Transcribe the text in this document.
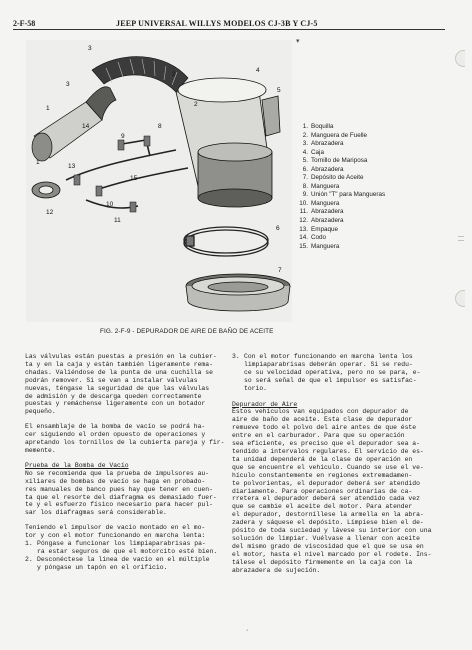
2-F-58	JEEP UNIVERSAL WILLYS MODELOS CJ-3B Y CJ-5
▾
3
2
1
4
5
6
7
8
9
10
11
12
13
14
15
3
2
1
1. Boquilla
2. Manguera de Fuelle
3. Abrazadera
4. Caja
5. Tornillo de Mariposa
6. Abrazadera
7. Depósito de Aceite
8. Manguera
9. Unión "T" para Mangueras
10. Manguera
11. Abrazadera
12. Abrazadera
13. Empaque
14. Codo
15. Manguera
FIG. 2-F-9 - DEPURADOR DE AIRE DE BAÑO DE ACEITE

Las válvulas están puestas a presión en la cubier-
ta y en la caja y están también ligeramente rema-
chadas. Valiéndose de la punta de una cuchilla se
podrán remover. Si se van a instalar válvulas
nuevas, téngase la seguridad de que las válvulas
de admisión y de descarga queden correctamente
puestas y remáchense ligeramente con un botador
pequeño.

El ensamblaje de la bomba de vacío se podrá ha-
cer siguiendo el orden opuesto de operaciones y
apretando los tornillos de la cubierta pareja y fir-
memente.

Prueba de la Bomba de Vacío

No se recomienda que la prueba de impulsores au-
xiliares de bombas de vacío se haga en probado-
res manuales de banco pues hay que tener en cuen-
ta que el resorte del diafragma es demasiado fuer-
te y el esfuerzo físico necesario para hacer pul-
sar los diafragmas será considerable.

Teniendo el impulsor de vacío montado en el mo-
tor y con el motor funcionando en marcha lenta:

1. Póngase a funcionar los limpiaparabrisas pa-
ra estar seguros de que el motorcito esté bien.
2. Desconéctese la línea de vacío en el múltiple
y póngase un tapón en el orificio.
3. Con el motor funcionando en marcha lenta los
limpiaparabrisas deberán operar. Si se redu-
ce su velocidad operativa, pero no se para, e-
so será señal de que el impulsor es satisfac-
torio.
Depurador de Aire

Estos vehículos van equipados con depurador de
aire de baño de aceite. Esta clase de depurador
remueve todo el polvo del aire antes de que éste
entre en el carburador. Para que su operación
sea eficiente, es preciso que el depurador sea a-
tendido a intervalos regulares. El servicio de es-
ta unidad dependerá de la clase de operación en
que se encuentre el vehículo. Cuando se use el ve-
hículo constantemente en regiones extremadamen-
te polvorientas, el depurador deberá ser atendido
diariamente. Para operaciones ordinarias de ca-
rretera el depurador deberá ser atendido cada vez
que se cambie el aceite del motor. Para atender
el depurador, destorníllese la armella en la abra-
zadera y sáquese el depósito. Límpiese bien el de-
pósito de toda suciedad y lávese su interior con una
solución de limpiar. Vuélvase a llenar con aceite
del mismo grado de viscosidad que el que se usa en
el motor, hasta el nivel marcado por el rodete. Ins-
tálese el depósito firmemente en la caja con la
abrazadera de sujeción.

ʻ
